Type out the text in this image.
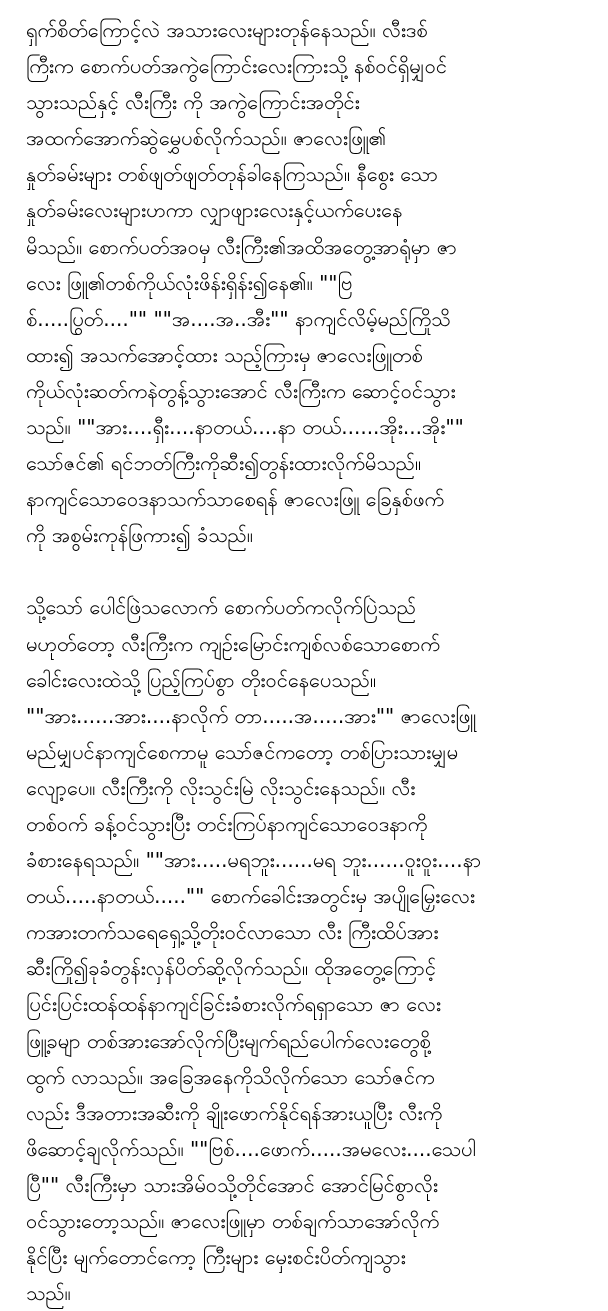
ရှက်စိတ်ကြောင့်လဲ အသားလေးများတုန်နေသည်။ လီးဒစ်
ကြီးက စောက်ပတ်အကွဲကြောင်းလေးကြားသို့ နစ်ဝင်ရှိမျှဝင်
သွားသည်နှင့် လီးကြီး ကို အကွဲကြောင်းအတိုင်း
အထက်အောက်ဆွဲမွှေပစ်လိုက်သည်။ ဇာလေးဖြူ၏
နှုတ်ခမ်းများ တစ်ဖျတ်ဖျတ်တုန်ခါနေကြသည်။ နီစွေး သော
နှုတ်ခမ်းလေးများဟကာ လျှာဖျားလေးနှင့်ယက်ပေးနေ
မိသည်။ စောက်ပတ်အဝမှ လီးကြီး၏အထိအတွေ့အာရုံမှာ ဇာ
လေး ဖြူ၏တစ်ကိုယ်လုံးဖိန်းရှိန်း၍နေ၏။ ""ဗြ
စ်.....ပြွတ်...."" ""အ....အ..အီး"" နာကျင်လိမ့်မည်ကြိုသိ
ထား၍ အသက်အောင့်ထား သည့်ကြားမှ ဇာလေးဖြူတစ်
ကိုယ်လုံးဆတ်ကနဲတွန့်သွားအောင် လီးကြီးက ဆောင့်ဝင်သွား
သည်။ ""အား....ရှီး....နာတယ်....နာ တယ်......အိုး...အိုး""
သော်ဇင်၏ ရင်ဘတ်ကြီးကိုဆီး၍တွန်းထားလိုက်မိသည်။
နာကျင်သောဝေဒနာသက်သာစေရန် ဇာလေးဖြူ ခြေနှစ်ဖက်
ကို အစွမ်းကုန်ဖြကား၍ ခံသည်။
သို့သော် ပေါင်ဖြဲသလောက် စောက်ပတ်ကလိုက်ပြဲသည်
မဟုတ်တော့ လီးကြီးက ကျဉ်းမြောင်းကျစ်လစ်သောစောက်
ခေါင်းလေးထဲသို့ ပြည့်ကြပ်စွာ တိုးဝင်နေပေသည်။
""အား......အား....နာလိုက် တာ.....အ.....အား"" ဇာလေးဖြူ
မည်မျှပင်နာကျင်စေကာမူ သော်ဇင်ကတော့ တစ်ပြားသားမျှမ
လျော့ပေ။ လီးကြီးကို လိုးသွင်းမြဲ လိုးသွင်းနေသည်။ လီး
တစ်ဝက် ခန့်ဝင်သွားပြီး တင်းကြပ်နာကျင်သောဝေဒနာကို
ခံစားနေရသည်။ ""အား.....မရဘူး......မရ ဘူး......ဝူးဝူး....နာ
တယ်.....နာတယ်....."" စောက်ခေါင်းအတွင်းမှ အပျိုမြှေးလေး
ကအားတက်သရေရှေ့သို့တိုးဝင်လာသော လီး ကြီးထိပ်အား
ဆီးကြို၍ခုခံတွန်းလှန်ပိတ်ဆို့လိုက်သည်။ ထိုအတွေ့ကြောင့်
ပြင်းပြင်းထန်ထန်နာကျင်ခြင်းခံစားလိုက်ရရှာသော ဇာ လေး
ဖြူ့ခမျာ တစ်အားအော်လိုက်ပြီးမျက်ရည်ပေါက်လေးတွေစို့
ထွက် လာသည်။ အခြေအနေကိုသိလိုက်သော သော်ဇင်က
လည်း ဒီအတားအဆီးကို ချိုးဖောက်နိုင်ရန်အားယူပြီး လီးကို
ဖိဆောင့်ချလိုက်သည်။ ""ဗြစ်....ဖောက်.....အမလေး....သေပါ
ပြီ"" လီးကြီးမှာ သားအိမ်ဝသို့တိုင်အောင် အောင်မြင်စွာလိုး
ဝင်သွားတော့သည်။ ဇာလေးဖြူမှာ တစ်ချက်သာအော်လိုက်
နိုင်ပြီး မျက်တောင်ကော့ ကြီးများ မှေးစင်းပိတ်ကျသွား
သည်။
